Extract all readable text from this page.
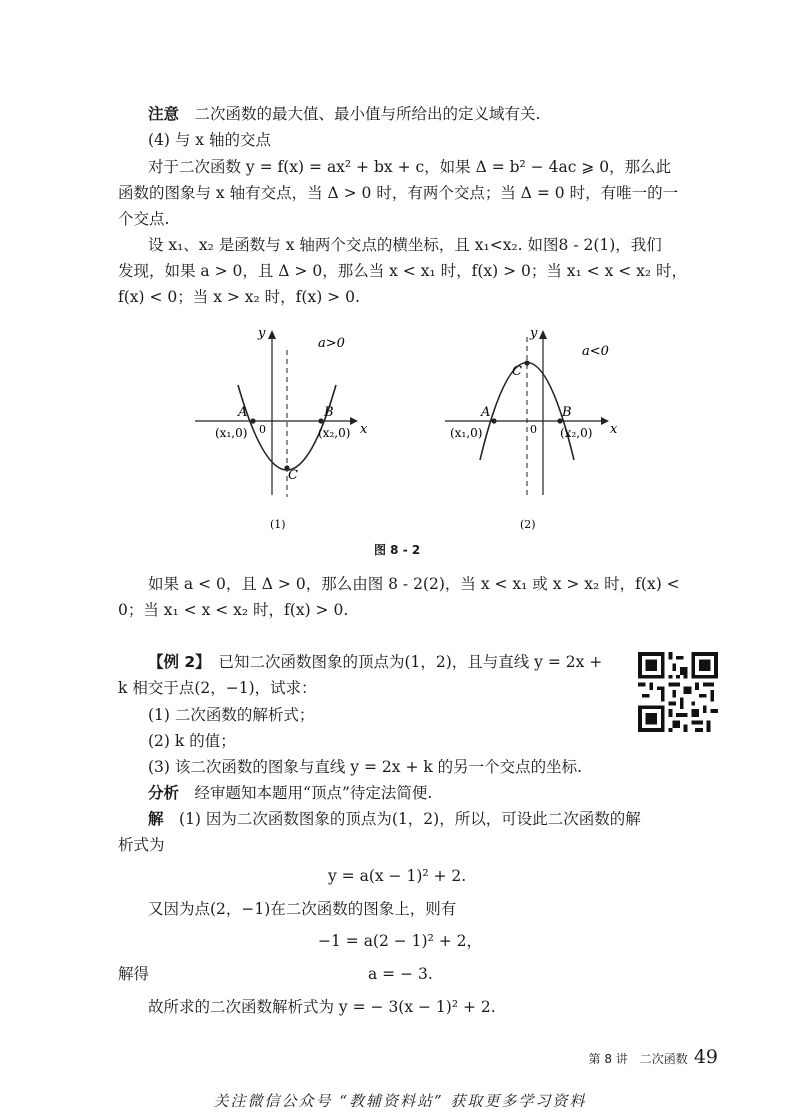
注意　二次函数的最大值、最小值与所给出的定义域有关.
(4) 与 x 轴的交点
对于二次函数 y = f(x) = ax² + bx + c，如果 Δ = b² − 4ac ⩾ 0，那么此
函数的图象与 x 轴有交点，当 Δ > 0 时，有两个交点；当 Δ = 0 时，有唯一的一
个交点.
设 x₁、x₂ 是函数与 x 轴两个交点的横坐标，且 x₁<x₂. 如图8 - 2(1)，我们
发现，如果 a > 0，且 Δ > 0，那么当 x < x₁ 时，f(x) > 0；当 x₁ < x < x₂ 时，
f(x) < 0；当 x > x₂ 时，f(x) > 0.
a>0
y
x
0
A	B
C
(x₁,0)	(x₂,0)
(1)
a<0
y
x
0
A	B
C
(x₁,0)	(x₂,0)
(2)
图 8 - 2
如果 a < 0，且 Δ > 0，那么由图 8 - 2(2)，当 x < x₁ 或 x > x₂ 时，f(x) <
0；当 x₁ < x < x₂ 时，f(x) > 0.
【例 2】　已知二次函数图象的顶点为(1，2)，且与直线 y = 2x +
k 相交于点(2，−1)，试求：
(1) 二次函数的解析式；
(2) k 的值；
(3) 该二次函数的图象与直线 y = 2x + k 的另一个交点的坐标.
分析　经审题知本题用“顶点”待定法简便.
解　(1) 因为二次函数图象的顶点为(1，2)，所以，可设此二次函数的解
析式为
y = a(x − 1)² + 2.
又因为点(2，−1)在二次函数的图象上，则有
−1 = a(2 − 1)² + 2，
解得	a = − 3.
故所求的二次函数解析式为 y = − 3(x − 1)² + 2.
第 8 讲　二次函数 49
关注微信公众号 “教辅资料站” 获取更多学习资料
